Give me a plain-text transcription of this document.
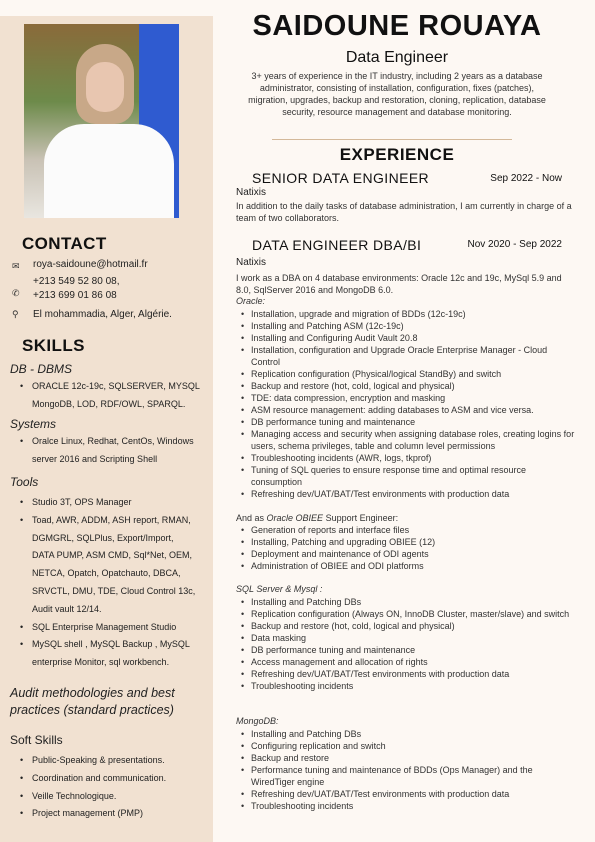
CONTACT
✉ roya-saidoune@hotmail.fr
✆
+213 549 52 80 08,
+213 699 01 86 08
⚲ El mohammadia, Alger, Algérie.
SKILLS
DB - DBMS
• ORACLE 12c-19c, SQLSERVER, MYSQL
MongoDB, LOD, RDF/OWL, SPARQL.
Systems
• Oralce Linux, Redhat, CentOs, Windows
server 2016 and Scripting Shell
Tools
• Studio 3T, OPS Manager
• Toad, AWR, ADDM, ASH report, RMAN,
DGMGRL, SQLPlus, Export/Import,
DATA PUMP, ASM CMD, Sql*Net, OEM,
NETCA, Opatch, Opatchauto, DBCA,
SRVCTL, DMU, TDE, Cloud Control 13c,
Audit vault 12/14.
• SQL Enterprise Management Studio
• MySQL shell , MySQL Backup , MySQL
enterprise Monitor, sql workbench.
Audit methodologies and best
practices (standard practices)
Soft Skills
• Public-Speaking & presentations.
• Coordination and communication.
• Veille Technologique.
• Project management (PMP)
SAIDOUNE ROUAYA
Data Engineer
3+ years of experience in the IT industry, including 2 years as a database administrator, consisting of installation, configuration, fixes (patches), migration, upgrades, backup and restoration, cloning, replication, database security, resource management and database monitoring.
EXPERIENCE
SENIOR DATA ENGINEER	Sep 2022 - Now
Natixis
In addition to the daily tasks of database administration, I am currently in charge of a team of two collaborators.
DATA ENGINEER DBA/BI	Nov 2020 - Sep 2022
Natixis
I work as a DBA on 4 database environments: Oracle 12c and 19c, MySql 5.9 and 8.0, SqlServer 2016 and MongoDB 6.0.
Oracle:
• Installation, upgrade and migration of BDDs (12c-19c)
• Installing and Patching ASM (12c-19c)
• Installing and Configuring Audit Vault 20.8
• Installation, configuration and Upgrade Oracle Enterprise Manager - Cloud Control
• Replication configuration (Physical/logical StandBy) and switch
• Backup and restore (hot, cold, logical and physical)
• TDE: data compression, encryption and masking
• ASM resource management: adding databases to ASM and vice versa.
• DB performance tuning and maintenance
• Managing access and security when assigning database roles, creating logins for users, schema privileges, table and column level permissions
• Troubleshooting incidents (AWR, logs, tkprof)
• Tuning of SQL queries to ensure response time and optimal resource consumption
• Refreshing dev/UAT/BAT/Test environments with production data
And as Oracle OBIEE Support Engineer:
• Generation of reports and interface files
• Installing, Patching and upgrading OBIEE (12)
• Deployment and maintenance of ODI agents
• Administration of OBIEE and ODI platforms
SQL Server & Mysql :
• Installing and Patching DBs
• Replication configuration (Always ON, InnoDB Cluster, master/slave) and switch
• Backup and restore (hot, cold, logical and physical)
• Data masking
• DB performance tuning and maintenance
• Access management and allocation of rights
• Refreshing dev/UAT/BAT/Test environments with production data
• Troubleshooting incidents
MongoDB:
• Installing and Patching DBs
• Configuring replication and switch
• Backup and restore
• Performance tuning and maintenance of BDDs (Ops Manager) and the WiredTiger engine
• Refreshing dev/UAT/BAT/Test environments with production data
• Troubleshooting incidents
